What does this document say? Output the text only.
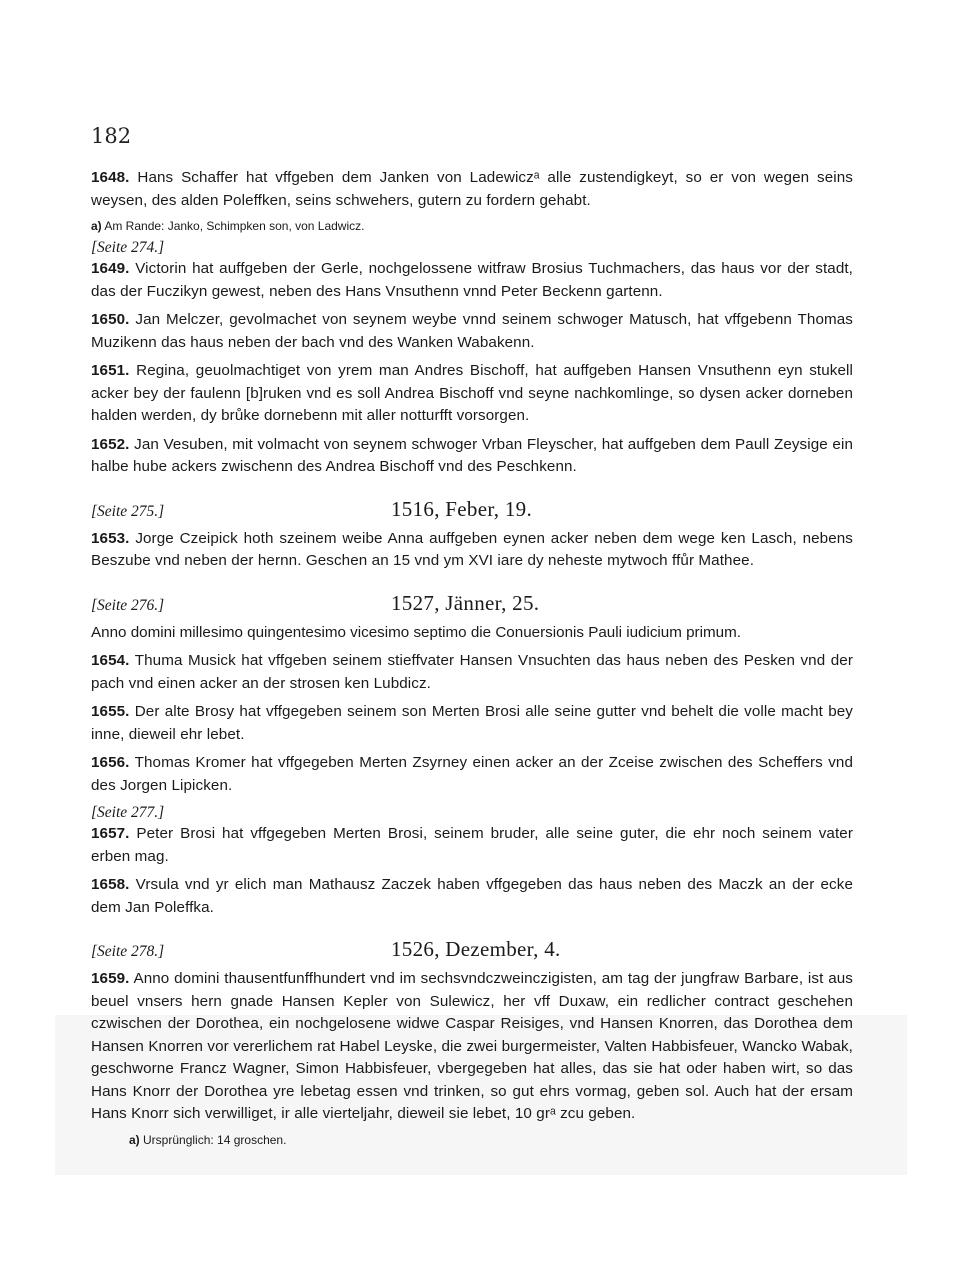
182

1648. Hans Schaffer hat vffgeben dem Janken von Ladewiczᵃ alle zustendigkeyt, so er von wegen seins weysen, des alden Poleffken, seins schwehers, gutern zu fordern gehabt.

a) Am Rande: Janko, Schimpken son, von Ladwicz.

[Seite 274.]

1649. Victorin hat auffgeben der Gerle, nochgelossene witfraw Brosius Tuchmachers, das haus vor der stadt, das der Fuczikyn gewest, neben des Hans Vnsuthenn vnnd Peter Beckenn gartenn.

1650. Jan Melczer, gevolmachet von seynem weybe vnnd seinem schwoger Matusch, hat vffgebenn Thomas Muzikenn das haus neben der bach vnd des Wanken Wabakenn.

1651. Regina, geuolmachtiget von yrem man Andres Bischoff, hat auffgeben Hansen Vnsuthenn eyn stukell acker bey der faulenn [b]ruken vnd es soll Andrea Bischoff vnd seyne nachkomlinge, so dysen acker dorneben halden werden, dy brůke dornebenn mit aller notturfft vorsorgen.

1652. Jan Vesuben, mit volmacht von seynem schwoger Vrban Fleyscher, hat auffgeben dem Paull Zeysige ein halbe hube ackers zwischenn des Andrea Bischoff vnd des Peschkenn.

[Seite 275.]	1516, Feber, 19.

1653. Jorge Czeipick hoth szeinem weibe Anna auffgeben eynen acker neben dem wege ken Lasch, nebens Beszube vnd neben der hernn. Geschen an 15 vnd ym XVI iare dy neheste mytwoch ffůr Mathee.

[Seite 276.]	1527, Jänner, 25.

Anno domini millesimo quingentesimo vicesimo septimo die Conuersionis Pauli iudicium primum.

1654. Thuma Musick hat vffgeben seinem stieffvater Hansen Vnsuchten das haus neben des Pesken vnd der pach vnd einen acker an der strosen ken Lubdicz.

1655. Der alte Brosy hat vffgegeben seinem son Merten Brosi alle seine gutter vnd behelt die volle macht bey inne, dieweil ehr lebet.

1656. Thomas Kromer hat vffgegeben Merten Zsyrney einen acker an der Zceise zwischen des Scheffers vnd des Jorgen Lipicken.

[Seite 277.]

1657. Peter Brosi hat vffgegeben Merten Brosi, seinem bruder, alle seine guter, die ehr noch seinem vater erben mag.

1658. Vrsula vnd yr elich man Mathausz Zaczek haben vffgegeben das haus neben des Maczk an der ecke dem Jan Poleffka.

[Seite 278.]	1526, Dezember, 4.

1659. Anno domini thausentfunffhundert vnd im sechsvndczweinczigisten, am tag der jungfraw Barbare, ist aus beuel vnsers hern gnade Hansen Kepler von Sulewicz, her vff Duxaw, ein redlicher contract geschehen czwischen der Dorothea, ein nochgelosene widwe Caspar Reisiges, vnd Hansen Knorren, das Dorothea dem Hansen Knorren vor vererlichem rat Habel Leyske, die zwei burgermeister, Valten Habbisfeuer, Wancko Wabak, geschworne Francz Wagner, Simon Habbisfeuer, vbergegeben hat alles, das sie hat oder haben wirt, so das Hans Knorr der Dorothea yre lebetag essen vnd trinken, so gut ehrs vormag, geben sol. Auch hat der ersam Hans Knorr sich verwilliget, ir alle vierteljahr, dieweil sie lebet, 10 grᵃ zcu geben.

a) Ursprünglich: 14 groschen.
